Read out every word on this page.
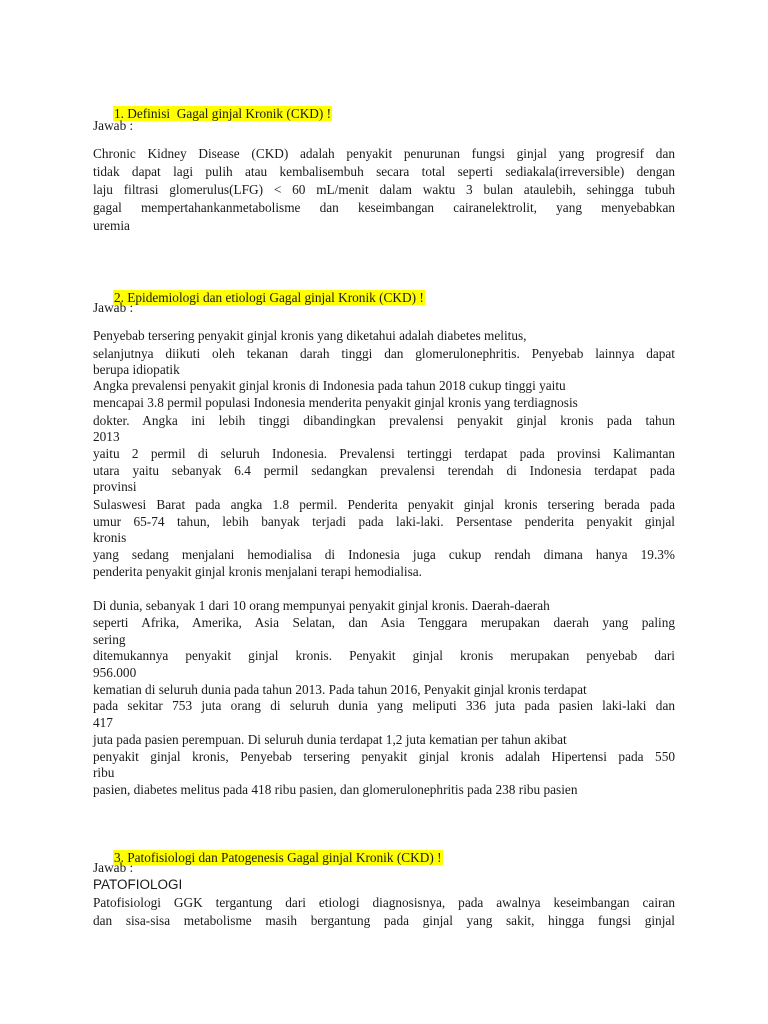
1. Definisi  Gagal ginjal Kronik (CKD) !

Jawab :
Chronic Kidney Disease (CKD) adalah penyakit penurunan fungsi ginjal yang progresif dan
tidak dapat lagi pulih atau kembalisembuh secara total seperti sediakala(irreversible) dengan
laju filtrasi glomerulus(LFG) < 60 mL/menit dalam waktu 3 bulan ataulebih, sehingga tubuh
gagal mempertahankanmetabolisme dan keseimbangan cairanelektrolit, yang menyebabkan
uremia

2. Epidemiologi dan etiologi Gagal ginjal Kronik (CKD) !

Jawab :
Penyebab tersering penyakit ginjal kronis yang diketahui adalah diabetes melitus,
selanjutnya diikuti oleh tekanan darah tinggi dan glomerulonephritis. Penyebab lainnya dapat
berupa idiopatik
Angka prevalensi penyakit ginjal kronis di Indonesia pada tahun 2018 cukup tinggi yaitu
mencapai 3.8 permil populasi Indonesia menderita penyakit ginjal kronis yang terdiagnosis
dokter. Angka ini lebih tinggi dibandingkan prevalensi penyakit ginjal kronis pada tahun
2013
yaitu 2 permil di seluruh Indonesia. Prevalensi tertinggi terdapat pada provinsi Kalimantan
utara yaitu sebanyak 6.4 permil sedangkan prevalensi terendah di Indonesia terdapat pada
provinsi
Sulaswesi Barat pada angka 1.8 permil. Penderita penyakit ginjal kronis tersering berada pada
umur 65-74 tahun, lebih banyak terjadi pada laki-laki. Persentase penderita penyakit ginjal
kronis
yang sedang menjalani hemodialisa di Indonesia juga cukup rendah dimana hanya 19.3%
penderita penyakit ginjal kronis menjalani terapi hemodialisa.
Di dunia, sebanyak 1 dari 10 orang mempunyai penyakit ginjal kronis. Daerah-daerah
seperti Afrika, Amerika, Asia Selatan, dan Asia Tenggara merupakan daerah yang paling
sering
ditemukannya penyakit ginjal kronis. Penyakit ginjal kronis merupakan penyebab dari
956.000
kematian di seluruh dunia pada tahun 2013. Pada tahun 2016, Penyakit ginjal kronis terdapat
pada sekitar 753 juta orang di seluruh dunia yang meliputi 336 juta pada pasien laki-laki dan
417
juta pada pasien perempuan. Di seluruh dunia terdapat 1,2 juta kematian per tahun akibat
penyakit ginjal kronis, Penyebab tersering penyakit ginjal kronis adalah Hipertensi pada 550
ribu
pasien, diabetes melitus pada 418 ribu pasien, dan glomerulonephritis pada 238 ribu pasien

3. Patofisiologi dan Patogenesis Gagal ginjal Kronik (CKD) !

Jawab :
PATOFIOLOGI
Patofisiologi GGK tergantung dari etiologi diagnosisnya, pada awalnya keseimbangan cairan
dan sisa-sisa metabolisme masih bergantung pada ginjal yang sakit, hingga fungsi ginjal
